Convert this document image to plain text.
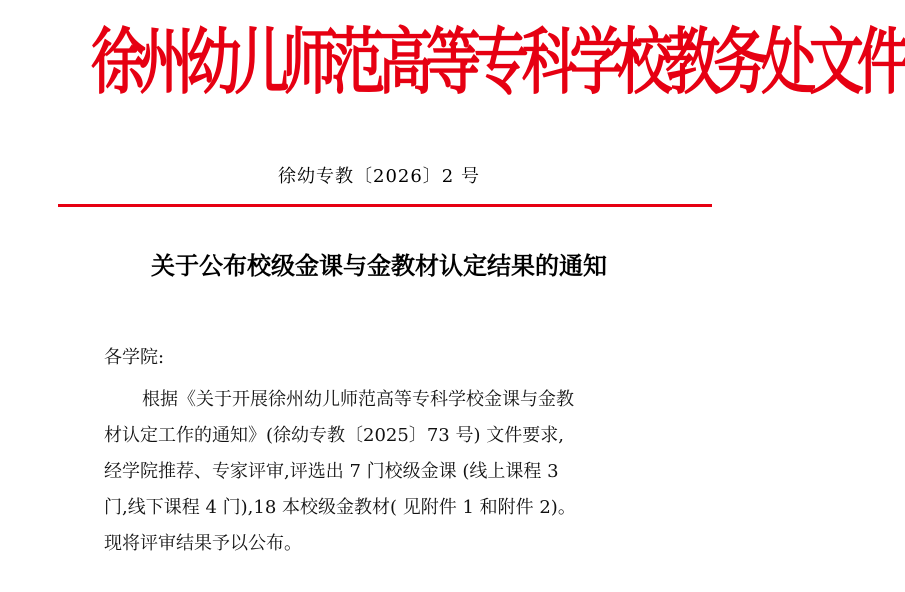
徐州幼儿师范高等专科学校教务处文件
徐幼专教〔2026〕2 号
关于公布校级金课与金教材认定结果的通知
各学院:
根据《关于开展徐州幼儿师范高等专科学校金课与金教
材认定工作的通知》(徐幼专教〔2025〕73 号) 文件要求,
经学院推荐、专家评审,评选出 7 门校级金课 (线上课程 3
门,线下课程 4 门),18 本校级金教材( 见附件 1 和附件 2)。
现将评审结果予以公布。
